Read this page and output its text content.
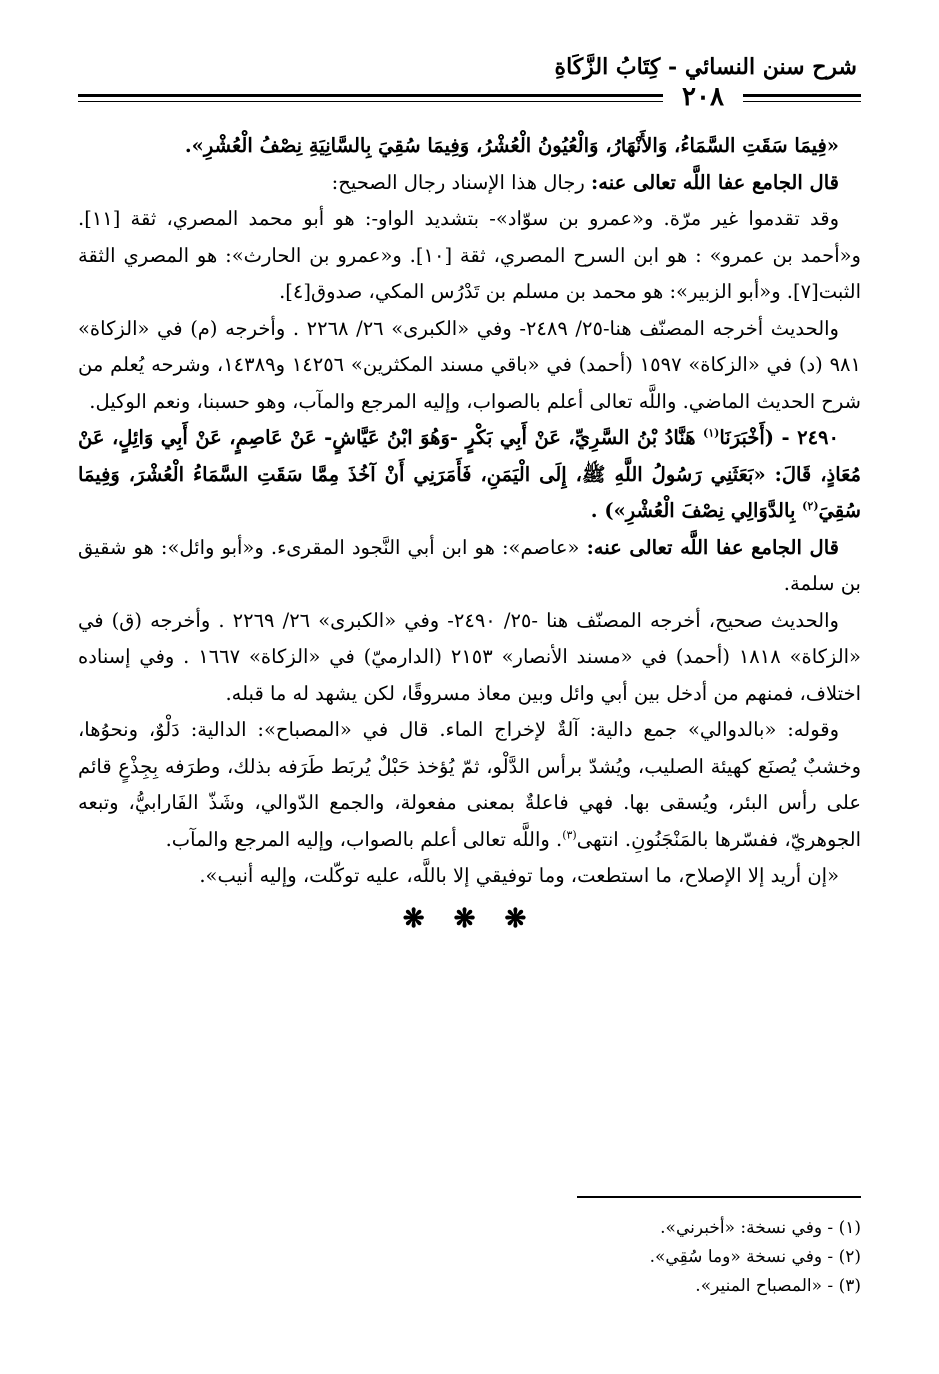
شرح سنن النسائي - كِتَابُ الزَّكَاةِ
٢٠٨

«فِيمَا سَقَتِ السَّمَاءُ، وَالأَنْهَارُ، وَالْعُيُونُ الْعُشْرُ، وَفِيمَا سُقِيَ بِالسَّانِيَةِ نِصْفُ الْعُشْرِ».

قال الجامع عفا اللَّه تعالى عنه: رجال هذا الإسناد رجال الصحيح:

وقد تقدموا غير مرّة. و«عمرو بن سوّاد»- بتشديد الواو-: هو أبو محمد المصري، ثقة [١١]. و«أحمد بن عمرو» : هو ابن السرح المصري، ثقة [١٠]. و«عمرو بن الحارث»: هو المصري الثقة الثبت[٧]. و«أبو الزبير»: هو محمد بن مسلم بن تَدْرُس المكي، صدوق[٤].

والحديث أخرجه المصنّف هنا-٢٥/ ٢٤٨٩- وفي «الكبرى» ٢٦/ ٢٢٦٨ . وأخرجه (م) في «الزكاة» ٩٨١ (د) في «الزكاة» ١٥٩٧ (أحمد) في «باقي مسند المكثرين» ١٤٢٥٦ و١٤٣٨٩، وشرحه يُعلم من شرح الحديث الماضي. واللَّه تعالى أعلم بالصواب، وإليه المرجع والمآب، وهو حسبنا، ونعم الوكيل.

٢٤٩٠ - (أَخْبَرَنَا$^{(١)}$ هَنَّادُ بْنُ السَّرِيِّ، عَنْ أَبِي بَكْرٍ -وَهُوَ ابْنُ عَيَّاشٍ- عَنْ عَاصِمٍ، عَنْ أَبِي وَائِلٍ، عَنْ مُعَاذٍ، قَالَ: «بَعَثَنِي رَسُولُ اللَّهِ ﷺ، إِلَى الْيَمَنِ، فَأَمَرَنِي أَنْ آخُذَ مِمَّا سَقَتِ السَّمَاءُ الْعُشْرَ، وَفِيمَا سُقِيَ$^{(٢)}$ بِالدَّوَالِي نِصْفَ الْعُشْرِ») .

قال الجامع عفا اللَّه تعالى عنه: «عاصم»: هو ابن أبي النَّجود المقرىء. و«أبو وائل»: هو شقيق بن سلمة.

والحديث صحيح، أخرجه المصنّف هنا -٢٥/ ٢٤٩٠- وفي «الكبرى» ٢٦/ ٢٢٦٩ . وأخرجه (ق) في «الزكاة» ١٨١٨ (أحمد) في «مسند الأنصار» ٢١٥٣ (الدارميّ) في «الزكاة» ١٦٦٧ . وفي إسناده اختلاف، فمنهم من أدخل بين أبي وائل وبين معاذ مسروقًا، لكن يشهد له ما قبله.

وقوله: «بالدوالي» جمع دالية: آلةٌ لإخراج الماء. قال في «المصباح»: الدالية: دَلْوٌ، ونحوُها، وخشبٌ يُصنَع كهيئة الصليب، ويُشدّ برأس الدَّلْو، ثمّ يُؤخذ حَبْلٌ يُربَط طَرَفه بذلك، وطرَفه بِجِذْعٍ قائم على رأس البئر، ويُسقى بها. فهي فاعلةٌ بمعنى مفعولة، والجمع الدّوالي، وشَذّ الفَارابيُّ، وتبعه الجوهريّ، ففسّرها بالمَنْجَنُونِ. انتهى$^{(٣)}$. واللَّه تعالى أعلم بالصواب، وإليه المرجع والمآب.

«إن أريد إلا الإصلاح، ما استطعت، وما توفيقي إلا باللَّه، عليه توكّلت، وإليه أنيب».

❋ ❋ ❋
(١) - وفي نسخة: «أخبرني».
(٢) - وفي نسخة «وما سُقِي».
(٣) - «المصباح المنير».
